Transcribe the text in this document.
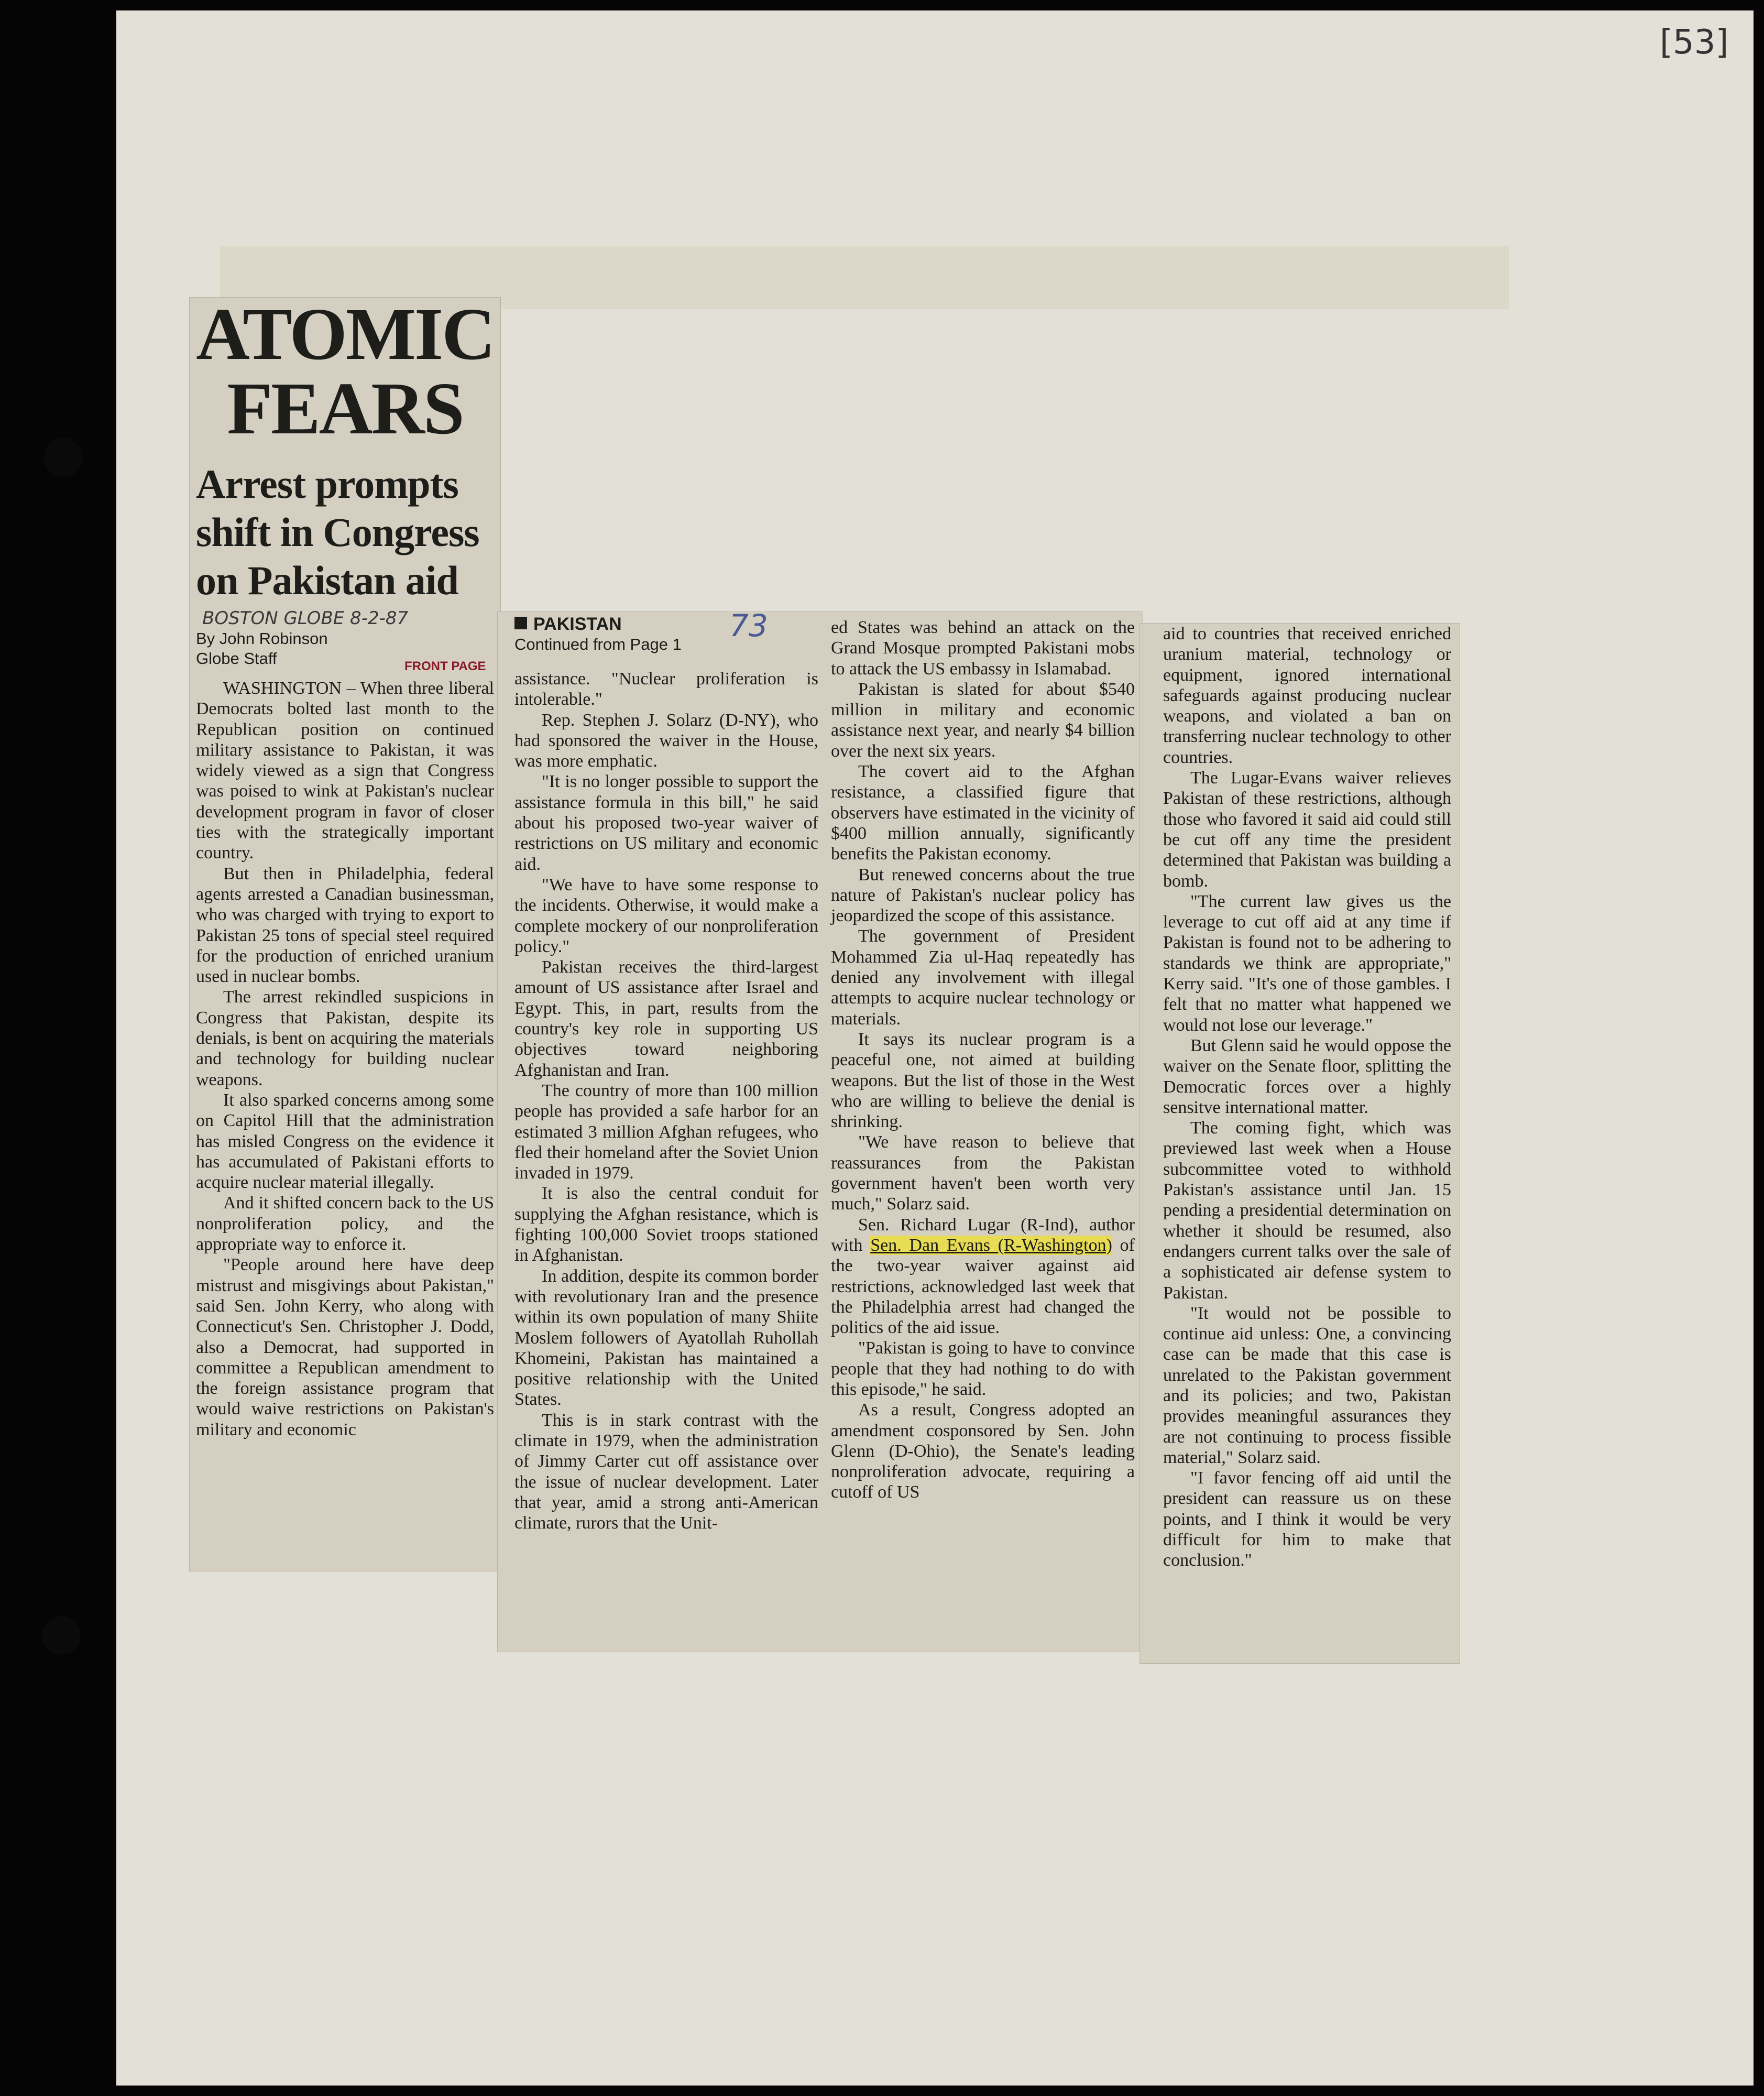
[53]
ATOMIC
FEARS
Arrest prompts
shift in Congress
on Pakistan aid
BOSTON GLOBE 8-2-87
By John Robinson
Globe Staff	FRONT PAGE

WASHINGTON – When three liberal Democrats bolted last month to the Republican position on continued military assistance to Pakistan, it was widely viewed as a sign that Congress was poised to wink at Pakistan's nuclear development program in favor of closer ties with the strategically important country.

But then in Philadelphia, federal agents arrested a Canadian businessman, who was charged with trying to export to Pakistan 25 tons of special steel required for the production of enriched uranium used in nuclear bombs.

The arrest rekindled suspicions in Congress that Pakistan, despite its denials, is bent on acquiring the materials and technology for building nuclear weapons.

It also sparked concerns among some on Capitol Hill that the administration has misled Congress on the evidence it has accumulated of Pakistani efforts to acquire nuclear material illegally.

And it shifted concern back to the US nonproliferation policy, and the appropriate way to enforce it.

"People around here have deep mistrust and misgivings about Pakistan," said Sen. John Kerry, who along with Connecticut's Sen. Christopher J. Dodd, also a Democrat, had supported in committee a Republican amendment to the foreign assistance program that would waive restrictions on Pakistan's military and economic

PAKISTAN
Continued from Page 1
73

assistance. "Nuclear proliferation is intolerable."

Rep. Stephen J. Solarz (D-NY), who had sponsored the waiver in the House, was more emphatic.

"It is no longer possible to support the assistance formula in this bill," he said about his proposed two-year waiver of restrictions on US military and economic aid.

"We have to have some response to the incidents. Otherwise, it would make a complete mockery of our nonproliferation policy."

Pakistan receives the third-largest amount of US assistance after Israel and Egypt. This, in part, results from the country's key role in supporting US objectives toward neighboring Afghanistan and Iran.

The country of more than 100 million people has provided a safe harbor for an estimated 3 million Afghan refugees, who fled their homeland after the Soviet Union invaded in 1979.

It is also the central conduit for supplying the Afghan resistance, which is fighting 100,000 Soviet troops stationed in Afghanistan.

In addition, despite its common border with revolutionary Iran and the presence within its own population of many Shiite Moslem followers of Ayatollah Ruhollah Khomeini, Pakistan has maintained a positive relationship with the United States.

This is in stark contrast with the climate in 1979, when the administration of Jimmy Carter cut off assistance over the issue of nuclear development. Later that year, amid a strong anti-American climate, rurors that the Unit-

ed States was behind an attack on the Grand Mosque prompted Pakistani mobs to attack the US embassy in Islamabad.

Pakistan is slated for about $540 million in military and economic assistance next year, and nearly $4 billion over the next six years.

The covert aid to the Afghan resistance, a classified figure that observers have estimated in the vicinity of $400 million annually, significantly benefits the Pakistan economy.

But renewed concerns about the true nature of Pakistan's nuclear policy has jeopardized the scope of this assistance.

The government of President Mohammed Zia ul-Haq repeatedly has denied any involvement with illegal attempts to acquire nuclear technology or materials.

It says its nuclear program is a peaceful one, not aimed at building weapons. But the list of those in the West who are willing to believe the denial is shrinking.

"We have reason to believe that reassurances from the Pakistan government haven't been worth very much," Solarz said.

Sen. Richard Lugar (R-Ind), author with Sen. Dan Evans (R-Washington) of the two-year waiver against aid restrictions, acknowledged last week that the Philadelphia arrest had changed the politics of the aid issue.

"Pakistan is going to have to convince people that they had nothing to do with this episode," he said.

As a result, Congress adopted an amendment cosponsored by Sen. John Glenn (D-Ohio), the Senate's leading nonproliferation advocate, requiring a cutoff of US

aid to countries that received enriched uranium material, technology or equipment, ignored international safeguards against producing nuclear weapons, and violated a ban on transferring nuclear technology to other countries.

The Lugar-Evans waiver relieves Pakistan of these restrictions, although those who favored it said aid could still be cut off any time the president determined that Pakistan was building a bomb.

"The current law gives us the leverage to cut off aid at any time if Pakistan is found not to be adhering to standards we think are appropriate," Kerry said. "It's one of those gambles. I felt that no matter what happened we would not lose our leverage."

But Glenn said he would oppose the waiver on the Senate floor, splitting the Democratic forces over a highly sensitve international matter.

The coming fight, which was previewed last week when a House subcommittee voted to withhold Pakistan's assistance until Jan. 15 pending a presidential determination on whether it should be resumed, also endangers current talks over the sale of a sophisticated air defense system to Pakistan.

"It would not be possible to continue aid unless: One, a convincing case can be made that this case is unrelated to the Pakistan government and its policies; and two, Pakistan provides meaningful assurances they are not continuing to process fissible material," Solarz said.

"I favor fencing off aid until the president can reassure us on these points, and I think it would be very difficult for him to make that conclusion."
